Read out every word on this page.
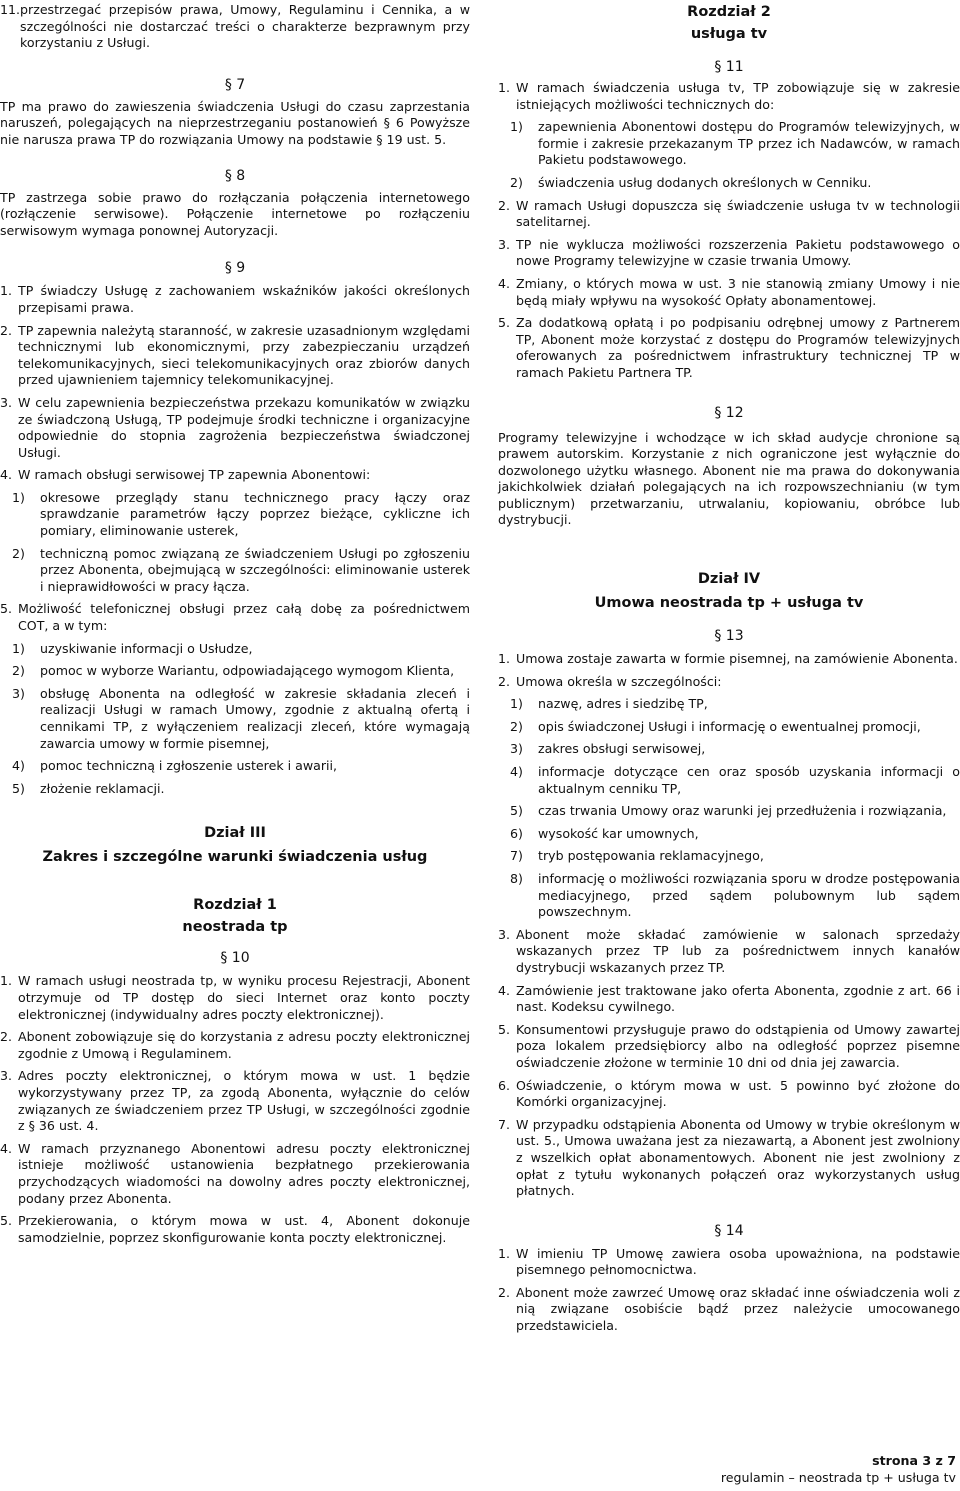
11. przestrzegać przepisów prawa, Umowy, Regulaminu i Cennika, a w szczególności nie dostarczać treści o charakterze bezprawnym przy korzystaniu z Usługi.

§ 7

TP ma prawo do zawieszenia świadczenia Usługi do czasu zaprzestania naruszeń, polegających na nieprzestrzeganiu postanowień § 6 Powyższe nie narusza prawa TP do rozwiązania Umowy na podstawie § 19 ust. 5.

§ 8

TP zastrzega sobie prawo do rozłączania połączenia internetowego (rozłączenie serwisowe). Połączenie internetowe po rozłączeniu serwisowym wymaga ponownej Autoryzacji.

§ 9

1. TP świadczy Usługę z zachowaniem wskaźników jakości określonych przepisami prawa.
2. TP zapewnia należytą staranność, w zakresie uzasadnionym względami technicznymi lub ekonomicznymi, przy zabezpieczaniu urządzeń telekomunikacyjnych, sieci telekomunikacyjnych oraz zbiorów danych przed ujawnieniem tajemnicy telekomunikacyjnej.
3. W celu zapewnienia bezpieczeństwa przekazu komunikatów w związku ze świadczoną Usługą, TP podejmuje środki techniczne i organizacyjne odpowiednie do stopnia zagrożenia bezpieczeństwa świadczonej Usługi.
4. W ramach obsługi serwisowej TP zapewnia Abonentowi:
1)	okresowe przeglądy stanu technicznego pracy łączy oraz sprawdzanie parametrów łączy poprzez bieżące, cykliczne ich pomiary, eliminowanie usterek,
2)	techniczną pomoc związaną ze świadczeniem Usługi po zgłoszeniu przez Abonenta, obejmującą w szczególności: eliminowanie usterek i nieprawidłowości w pracy łącza.
5. Możliwość telefonicznej obsługi przez całą dobę za pośrednictwem COT, a w tym:
1)	uzyskiwanie informacji o Usłudze,
2)	pomoc w wyborze Wariantu, odpowiadającego wymogom Klienta,
3)	obsługę Abonenta na odległość w zakresie składania zleceń i realizacji Usługi w ramach Umowy, zgodnie z aktualną ofertą i cennikami TP, z wyłączeniem realizacji zleceń, które wymagają zawarcia umowy w formie pisemnej,
4)	pomoc techniczną i zgłoszenie usterek i awarii,
5)	złożenie reklamacji.

Dział III

Zakres i szczególne warunki świadczenia usług

Rozdział 1

neostrada tp

§ 10

1. W ramach usługi neostrada tp, w wyniku procesu Rejestracji, Abonent otrzymuje od TP dostęp do sieci Internet oraz konto poczty elektronicznej (indywidualny adres poczty elektronicznej).
2. Abonent zobowiązuje się do korzystania z adresu poczty elektronicznej zgodnie z Umową i Regulaminem.
3. Adres poczty elektronicznej, o którym mowa w ust. 1 będzie wykorzystywany przez TP, za zgodą Abonenta, wyłącznie do celów związanych ze świadczeniem przez TP Usługi, w szczególności zgodnie z § 36 ust. 4.
4. W ramach przyznanego Abonentowi adresu poczty elektronicznej istnieje możliwość ustanowienia bezpłatnego przekierowania przychodzących wiadomości na dowolny adres poczty elektronicznej, podany przez Abonenta.
5. Przekierowania, o którym mowa w ust. 4, Abonent dokonuje samodzielnie, poprzez skonfigurowanie konta poczty elektronicznej.

Rozdział 2

usługa tv

§ 11

1. W ramach świadczenia usługa tv, TP zobowiązuje się w zakresie istniejących możliwości technicznych do:
1)	zapewnienia Abonentowi dostępu do Programów telewizyjnych, w formie i zakresie przekazanym TP przez ich Nadawców, w ramach Pakietu podstawowego.
2)	świadczenia usług dodanych określonych w Cenniku.
2. W ramach Usługi dopuszcza się świadczenie usługa tv w technologii satelitarnej.
3. TP nie wyklucza możliwości rozszerzenia Pakietu podstawowego o nowe Programy telewizyjne w czasie trwania Umowy.
4. Zmiany, o których mowa w ust. 3 nie stanowią zmiany Umowy i nie będą miały wpływu na wysokość Opłaty abonamentowej.
5. Za dodatkową opłatą i po podpisaniu odrębnej umowy z Partnerem TP, Abonent może korzystać z dostępu do Programów telewizyjnych oferowanych za pośrednictwem infrastruktury technicznej TP w ramach Pakietu Partnera TP.

§ 12

Programy telewizyjne i wchodzące w ich skład audycje chronione są prawem autorskim. Korzystanie z nich ograniczone jest wyłącznie do dozwolonego użytku własnego. Abonent nie ma prawa do dokonywania jakichkolwiek działań polegających na ich rozpowszechnianiu (w tym publicznym) przetwarzaniu, utrwalaniu, kopiowaniu, obróbce lub dystrybucji.

Dział IV

Umowa neostrada tp + usługa tv

§ 13

1. Umowa zostaje zawarta w formie pisemnej, na zamówienie Abonenta.
2. Umowa określa w szczególności:
1)	nazwę, adres i siedzibę TP,
2)	opis świadczonej Usługi i informację o ewentualnej promocji,
3)	zakres obsługi serwisowej,
4)	informacje dotyczące cen oraz sposób uzyskania informacji o aktualnym cenniku TP,
5)	czas trwania Umowy oraz warunki jej przedłużenia i rozwiązania,
6)	wysokość kar umownych,
7)	tryb postępowania reklamacyjnego,
8)	informację o możliwości rozwiązania sporu w drodze postępowania mediacyjnego, przed sądem polubownym lub sądem powszechnym.
3. Abonent może składać zamówienie w salonach sprzedaży wskazanych przez TP lub za pośrednictwem innych kanałów dystrybucji wskazanych przez TP.
4. Zamówienie jest traktowane jako oferta Abonenta, zgodnie z art. 66 i nast. Kodeksu cywilnego.
5. Konsumentowi przysługuje prawo do odstąpienia od Umowy zawartej poza lokalem przedsiębiorcy albo na odległość poprzez pisemne oświadczenie złożone w terminie 10 dni od dnia jej zawarcia.
6. Oświadczenie, o którym mowa w ust. 5 powinno być złożone do Komórki organizacyjnej.
7. W przypadku odstąpienia Abonenta od Umowy w trybie określonym w ust. 5., Umowa uważana jest za niezawartą, a Abonent jest zwolniony z wszelkich opłat abonamentowych. Abonent nie jest zwolniony z opłat z tytułu wykonanych połączeń oraz wykorzystanych usług płatnych.

§ 14

1. W imieniu TP Umowę zawiera osoba upoważniona, na podstawie pisemnego pełnomocnictwa.
2. Abonent może zawrzeć Umowę oraz składać inne oświadczenia woli z nią związane osobiście bądź przez należycie umocowanego przedstawiciela.
strona 3 z 7
regulamin – neostrada tp + usługa tv
